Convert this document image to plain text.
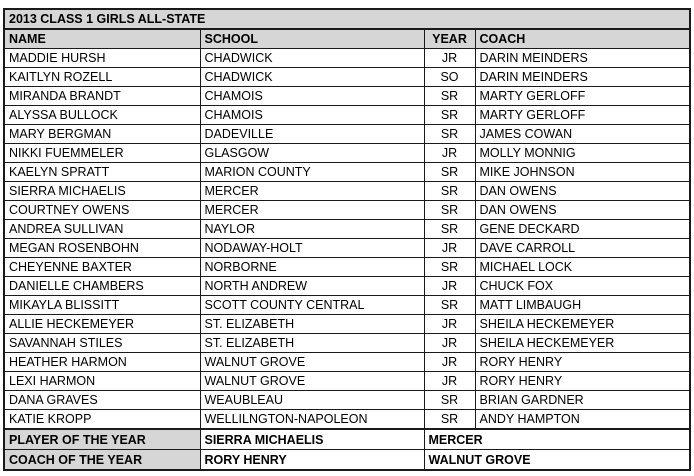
2013 CLASS 1 GIRLS ALL-STATE			
NAME	SCHOOL	YEAR	COACH
MADDIE HURSH	CHADWICK	JR	DARIN MEINDERS
KAITLYN ROZELL	CHADWICK	SO	DARIN MEINDERS
MIRANDA BRANDT	CHAMOIS	SR	MARTY GERLOFF
ALYSSA BULLOCK	CHAMOIS	SR	MARTY GERLOFF
MARY BERGMAN	DADEVILLE	SR	JAMES COWAN
NIKKI FUEMMELER	GLASGOW	JR	MOLLY MONNIG
KAELYN SPRATT	MARION COUNTY	SR	MIKE JOHNSON
SIERRA MICHAELIS	MERCER	SR	DAN OWENS
COURTNEY OWENS	MERCER	SR	DAN OWENS
ANDREA SULLIVAN	NAYLOR	SR	GENE DECKARD
MEGAN ROSENBOHN	NODAWAY-HOLT	JR	DAVE CARROLL
CHEYENNE BAXTER	NORBORNE	SR	MICHAEL LOCK
DANIELLE CHAMBERS	NORTH ANDREW	JR	CHUCK FOX
MIKAYLA BLISSITT	SCOTT COUNTY CENTRAL	SR	MATT LIMBAUGH
ALLIE HECKEMEYER	ST. ELIZABETH	JR	SHEILA HECKEMEYER
SAVANNAH STILES	ST. ELIZABETH	JR	SHEILA HECKEMEYER
HEATHER HARMON	WALNUT GROVE	JR	RORY HENRY
LEXI HARMON	WALNUT GROVE	JR	RORY HENRY
DANA GRAVES	WEAUBLEAU	SR	BRIAN GARDNER
KATIE KROPP	WELLILNGTON-NAPOLEON	SR	ANDY HAMPTON
PLAYER OF THE YEAR	SIERRA MICHAELIS	MERCER	
COACH OF THE YEAR	RORY HENRY	WALNUT GROVE	
